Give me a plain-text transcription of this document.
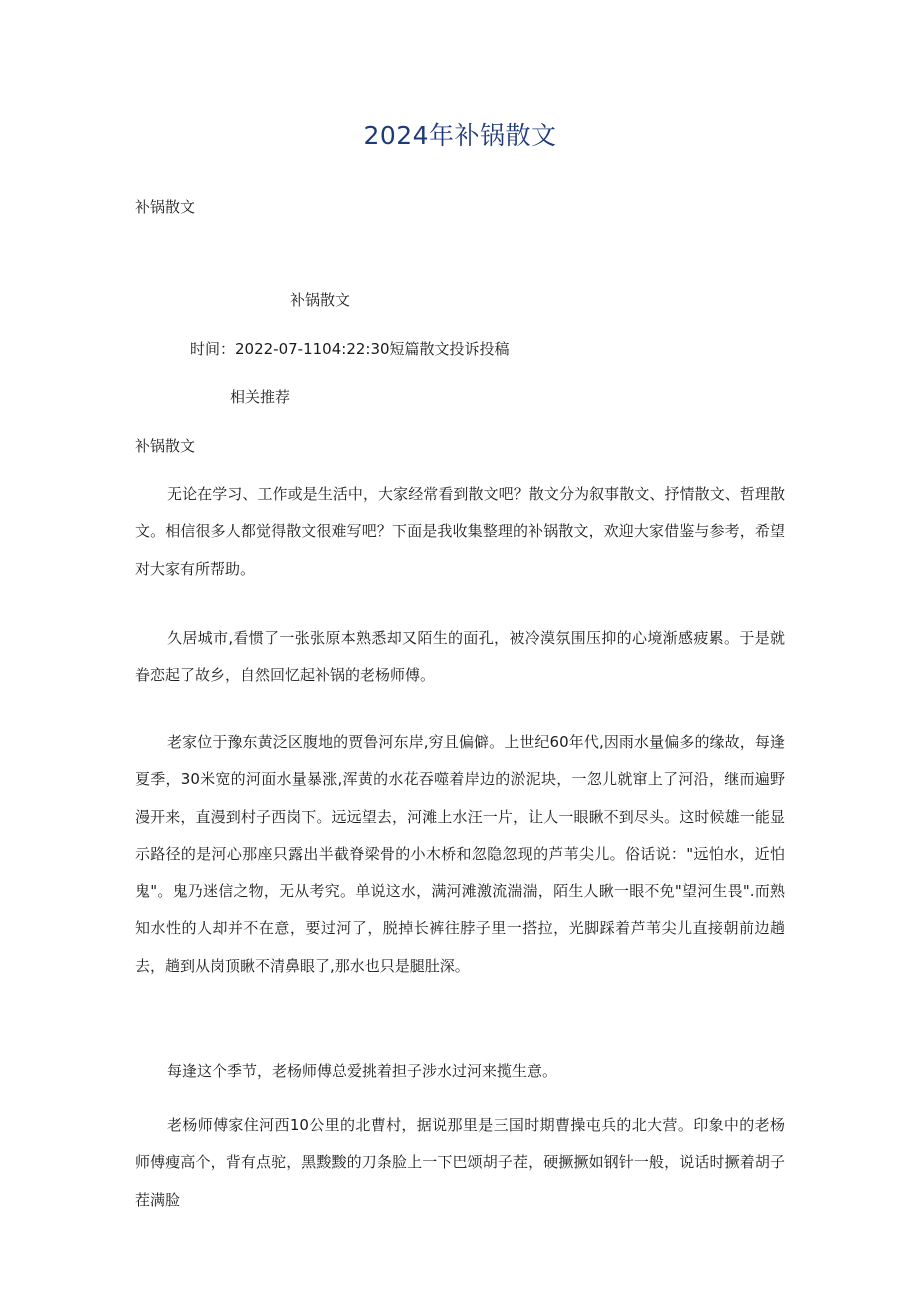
2024年补锅散文
补锅散文
补锅散文
时间：2022-07-1104:22:30短篇散文投诉投稿
相关推荐
补锅散文

无论在学习、工作或是生活中，大家经常看到散文吧？散文分为叙事散文、抒情散文、哲理散文。相信很多人都觉得散文很难写吧？下面是我收集整理的补锅散文，欢迎大家借鉴与参考，希望对大家有所帮助。

久居城市,看惯了一张张原本熟悉却又陌生的面孔，被冷漠氛围压抑的心境渐感疲累。于是就眷恋起了故乡，自然回忆起补锅的老杨师傅。

老家位于豫东黄泛区腹地的贾鲁河东岸,穷且偏僻。上世纪60年代,因雨水量偏多的缘故，每逢夏季，30米宽的河面水量暴涨,浑黄的水花吞噬着岸边的淤泥块，一忽儿就窜上了河沿，继而遍野漫开来，直漫到村子西岗下。远远望去，河滩上水汪一片，让人一眼瞅不到尽头。这时候雄一能显示路径的是河心那座只露出半截脊梁骨的小木桥和忽隐忽现的芦苇尖儿。俗话说："远怕水，近怕鬼"。鬼乃迷信之物，无从考究。单说这水，满河滩激流湍湍，陌生人瞅一眼不免"望河生畏".而熟知水性的人却并不在意，要过河了，脱掉长裤往脖子里一搭拉，光脚踩着芦苇尖儿直接朝前边趟去，趟到从岗顶瞅不清鼻眼了,那水也只是腿肚深。

每逢这个季节，老杨师傅总爱挑着担子涉水过河来揽生意。

老杨师傅家住河西10公里的北曹村，据说那里是三国时期曹操屯兵的北大营。印象中的老杨师傅瘦高个，背有点驼，黑黢黢的刀条脸上一下巴颂胡子茬，硬撅撅如钢针一般，说话时撅着胡子茬满脸
